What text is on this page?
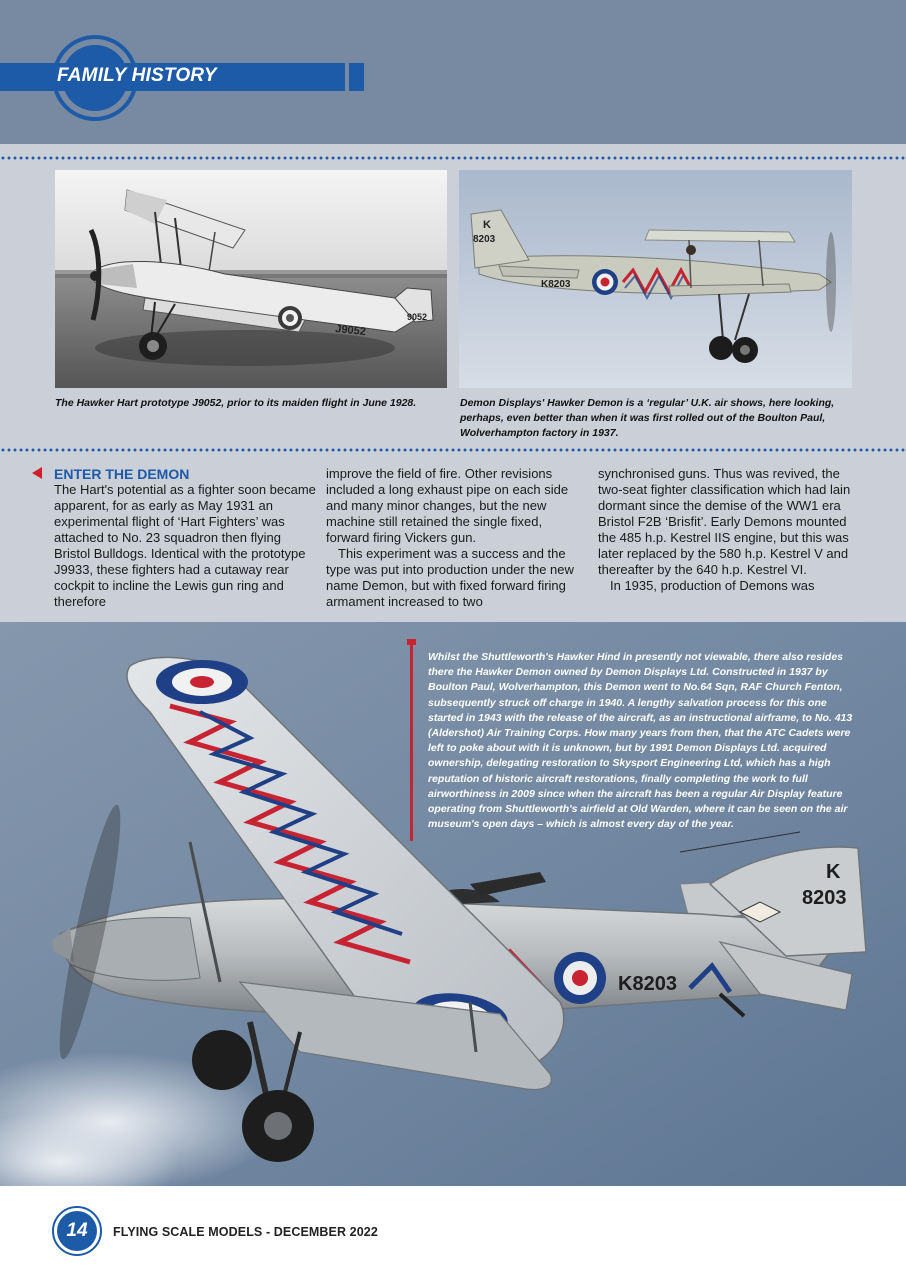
FAMILY HISTORY
J9052
9052
K
8203
K8203
The Hawker Hart prototype J9052, prior to its maiden flight in June 1928.	Demon Displays' Hawker Demon is a ‘regular’ U.K. air shows, here looking, perhaps, even better than when it was first rolled out of the Boulton Paul, Wolverhampton factory in 1937.

ENTER THE DEMON

The Hart's potential as a fighter soon became apparent, for as early as May 1931 an experimental flight of ‘Hart Fighters’ was attached to No. 23 squadron then flying Bristol Bulldogs. Identical with the prototype J9933, these fighters had a cutaway rear cockpit to incline the Lewis gun ring and therefore

improve the field of fire. Other revisions included a long exhaust pipe on each side and many minor changes, but the new machine still retained the single fixed, forward firing Vickers gun.

This experiment was a success and the type was put into production under the new name Demon, but with fixed forward firing armament increased to two

synchronised guns. Thus was revived, the two-seat fighter classification which had lain dormant since the demise of the WW1 era Bristol F2B ‘Brisfit’. Early Demons mounted the 485 h.p. Kestrel IIS engine, but this was later replaced by the 580 h.p. Kestrel V and thereafter by the 640 h.p. Kestrel VI.

In 1935, production of Demons was

K
8203
K8203
Whilst the Shuttleworth's Hawker Hind in presently not viewable, there also resides there the Hawker Demon owned by Demon Displays Ltd. Constructed in 1937 by Boulton Paul, Wolverhampton, this Demon went to No.64 Sqn, RAF Church Fenton, subsequently struck off charge in 1940. A lengthy salvation process for this one started in 1943 with the release of the aircraft, as an instructional airframe, to No. 413 (Aldershot) Air Training Corps. How many years from then, that the ATC Cadets were left to poke about with it is unknown, but by 1991 Demon Displays Ltd. acquired ownership, delegating restoration to Skysport Engineering Ltd, which has a high reputation of historic aircraft restorations, finally completing the work to full airworthiness in 2009 since when the aircraft has been a regular Air Display feature operating from Shuttleworth's airfield at Old Warden, where it can be seen on the air museum's open days – which is almost every day of the year.
14	FLYING SCALE MODELS - DECEMBER 2022
